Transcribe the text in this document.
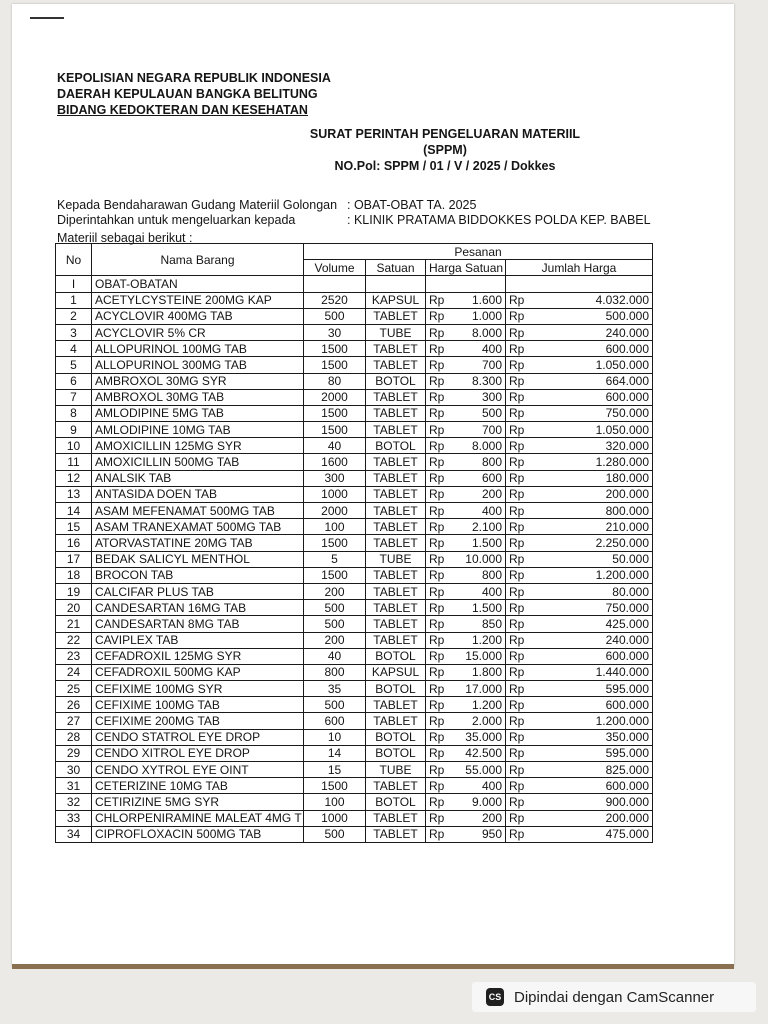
KEPOLISIAN NEGARA REPUBLIK INDONESIA
DAERAH KEPULAUAN BANGKA BELITUNG
BIDANG KEDOKTERAN DAN KESEHATAN
SURAT PERINTAH PENGELUARAN MATERIIL
(SPPM)
NO.Pol: SPPM / 01 / V / 2025 / Dokkes
Kepada Bendaharawan Gudang Materiil Golongan : OBAT-OBAT TA. 2025
Diperintahkan untuk mengeluarkan kepada	: KLINIK PRATAMA BIDDOKKES POLDA KEP. BABEL
Materiil sebagai berikut :
No	Nama Barang	Pesanan					
		Volume	Satuan	Harga Satuan		Jumlah Harga	
I	OBAT-OBATAN						
1	ACETYLCYSTEINE 200MG KAP	2520	KAPSUL	Rp	1.600	Rp	4.032.000
2	ACYCLOVIR 400MG TAB	500	TABLET	Rp	1.000	Rp	500.000
3	ACYCLOVIR 5% CR	30	TUBE	Rp	8.000	Rp	240.000
4	ALLOPURINOL 100MG TAB	1500	TABLET	Rp	400	Rp	600.000
5	ALLOPURINOL 300MG TAB	1500	TABLET	Rp	700	Rp	1.050.000
6	AMBROXOL 30MG SYR	80	BOTOL	Rp	8.300	Rp	664.000
7	AMBROXOL 30MG TAB	2000	TABLET	Rp	300	Rp	600.000
8	AMLODIPINE 5MG TAB	1500	TABLET	Rp	500	Rp	750.000
9	AMLODIPINE 10MG TAB	1500	TABLET	Rp	700	Rp	1.050.000
10	AMOXICILLIN 125MG SYR	40	BOTOL	Rp	8.000	Rp	320.000
11	AMOXICILLIN 500MG TAB	1600	TABLET	Rp	800	Rp	1.280.000
12	ANALSIK TAB	300	TABLET	Rp	600	Rp	180.000
13	ANTASIDA DOEN TAB	1000	TABLET	Rp	200	Rp	200.000
14	ASAM MEFENAMAT 500MG TAB	2000	TABLET	Rp	400	Rp	800.000
15	ASAM TRANEXAMAT 500MG TAB	100	TABLET	Rp	2.100	Rp	210.000
16	ATORVASTATINE 20MG TAB	1500	TABLET	Rp	1.500	Rp	2.250.000
17	BEDAK SALICYL MENTHOL	5	TUBE	Rp	10.000	Rp	50.000
18	BROCON TAB	1500	TABLET	Rp	800	Rp	1.200.000
19	CALCIFAR PLUS TAB	200	TABLET	Rp	400	Rp	80.000
20	CANDESARTAN 16MG TAB	500	TABLET	Rp	1.500	Rp	750.000
21	CANDESARTAN 8MG TAB	500	TABLET	Rp	850	Rp	425.000
22	CAVIPLEX TAB	200	TABLET	Rp	1.200	Rp	240.000
23	CEFADROXIL 125MG SYR	40	BOTOL	Rp	15.000	Rp	600.000
24	CEFADROXIL 500MG KAP	800	KAPSUL	Rp	1.800	Rp	1.440.000
25	CEFIXIME 100MG SYR	35	BOTOL	Rp	17.000	Rp	595.000
26	CEFIXIME 100MG TAB	500	TABLET	Rp	1.200	Rp	600.000
27	CEFIXIME 200MG TAB	600	TABLET	Rp	2.000	Rp	1.200.000
28	CENDO STATROL EYE DROP	10	BOTOL	Rp	35.000	Rp	350.000
29	CENDO XITROL EYE DROP	14	BOTOL	Rp	42.500	Rp	595.000
30	CENDO XYTROL EYE OINT	15	TUBE	Rp	55.000	Rp	825.000
31	CETERIZINE 10MG TAB	1500	TABLET	Rp	400	Rp	600.000
32	CETIRIZINE 5MG SYR	100	BOTOL	Rp	9.000	Rp	900.000
33	CHLORPENIRAMINE MALEAT 4MG T	1000	TABLET	Rp	200	Rp	200.000
34	CIPROFLOXACIN 500MG TAB	500	TABLET	Rp	950	Rp	475.000
CS Dipindai dengan CamScanner
